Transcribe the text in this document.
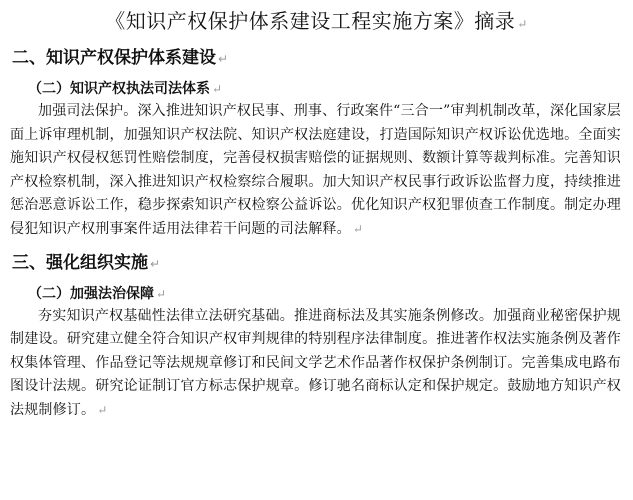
《知识产权保护体系建设工程实施方案》摘录 ↵
二、知识产权保护体系建设 ↵
（二）知识产权执法司法体系 ↵

加强司法保护。深入推进知识产权民事、刑事、行政案件“三合一”审判机制改革，深化国家层面上诉审理机制，加强知识产权法院、知识产权法庭建设，打造国际知识产权诉讼优选地。全面实施知识产权侵权惩罚性赔偿制度，完善侵权损害赔偿的证据规则、数额计算等裁判标准。完善知识产权检察机制，深入推进知识产权检察综合履职。加大知识产权民事行政诉讼监督力度，持续推进惩治恶意诉讼工作，稳步探索知识产权检察公益诉讼。优化知识产权犯罪侦查工作制度。制定办理侵犯知识产权刑事案件适用法律若干问题的司法解释。 ↵

三、强化组织实施 ↵
（二）加强法治保障 ↵

夯实知识产权基础性法律立法研究基础。推进商标法及其实施条例修改。加强商业秘密保护规制建设。研究建立健全符合知识产权审判规律的特别程序法律制度。推进著作权法实施条例及著作权集体管理、作品登记等法规规章修订和民间文学艺术作品著作权保护条例制订。完善集成电路布图设计法规。研究论证制订官方标志保护规章。修订驰名商标认定和保护规定。鼓励地方知识产权法规制修订。 ↵
